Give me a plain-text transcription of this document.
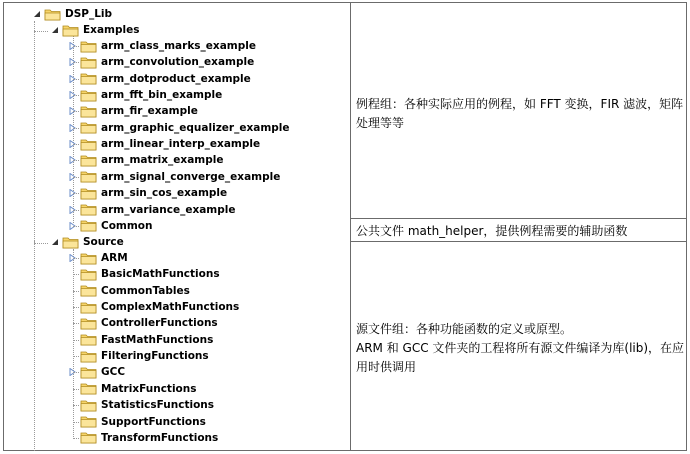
DSP_Lib
Examples
arm_class_marks_example
arm_convolution_example
arm_dotproduct_example
arm_fft_bin_example
arm_fir_example
arm_graphic_equalizer_example
arm_linear_interp_example
arm_matrix_example
arm_signal_converge_example
arm_sin_cos_example
arm_variance_example
Common
Source
ARM
BasicMathFunctions
CommonTables
ComplexMathFunctions
ControllerFunctions
FastMathFunctions
FilteringFunctions
GCC
MatrixFunctions
StatisticsFunctions
SupportFunctions
TransformFunctions
例程组：各种实际应用的例程，如 FFT 变换，FIR 滤波，矩阵处理等等
公共文件 math_helper，提供例程需要的辅助函数
源文件组：各种功能函数的定义或原型。
ARM 和 GCC 文件夹的工程将所有源文件编译为库(lib)，在应用时供调用
